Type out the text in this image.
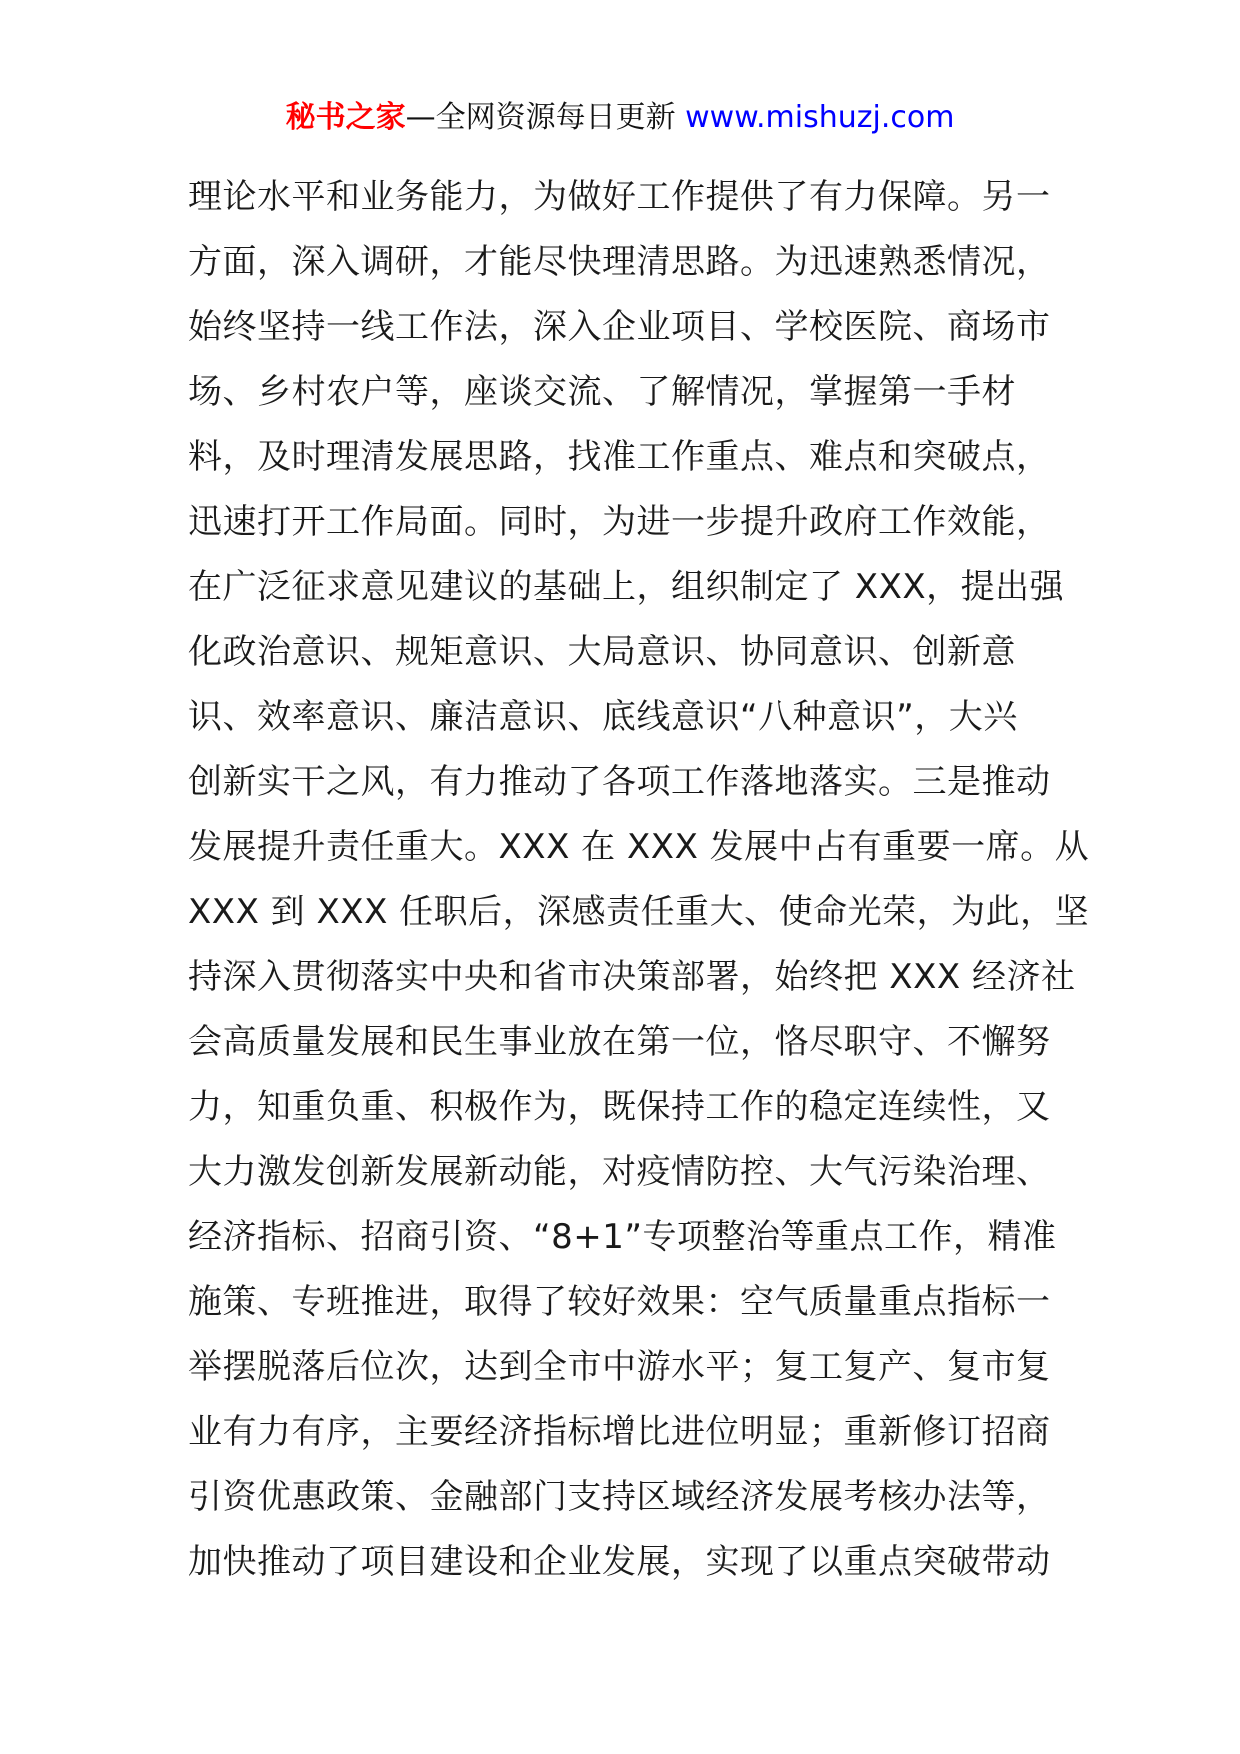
秘书之家—全网资源每日更新 www.mishuzj.com
理论水平和业务能力，为做好工作提供了有力保障。另一
方面，深入调研，才能尽快理清思路。为迅速熟悉情况，
始终坚持一线工作法，深入企业项目、学校医院、商场市
场、乡村农户等，座谈交流、了解情况，掌握第一手材
料，及时理清发展思路，找准工作重点、难点和突破点，
迅速打开工作局面。同时，为进一步提升政府工作效能，
在广泛征求意见建议的基础上，组织制定了 XXX，提出强
化政治意识、规矩意识、大局意识、协同意识、创新意
识、效率意识、廉洁意识、底线意识“八种意识”，大兴
创新实干之风，有力推动了各项工作落地落实。三是推动
发展提升责任重大。XXX 在 XXX 发展中占有重要一席。从
XXX 到 XXX 任职后，深感责任重大、使命光荣，为此，坚
持深入贯彻落实中央和省市决策部署，始终把 XXX 经济社
会高质量发展和民生事业放在第一位，恪尽职守、不懈努
力，知重负重、积极作为，既保持工作的稳定连续性，又
大力激发创新发展新动能，对疫情防控、大气污染治理、
经济指标、招商引资、“8+1”专项整治等重点工作，精准
施策、专班推进，取得了较好效果：空气质量重点指标一
举摆脱落后位次，达到全市中游水平；复工复产、复市复
业有力有序，主要经济指标增比进位明显；重新修订招商
引资优惠政策、金融部门支持区域经济发展考核办法等，
加快推动了项目建设和企业发展，实现了以重点突破带动
